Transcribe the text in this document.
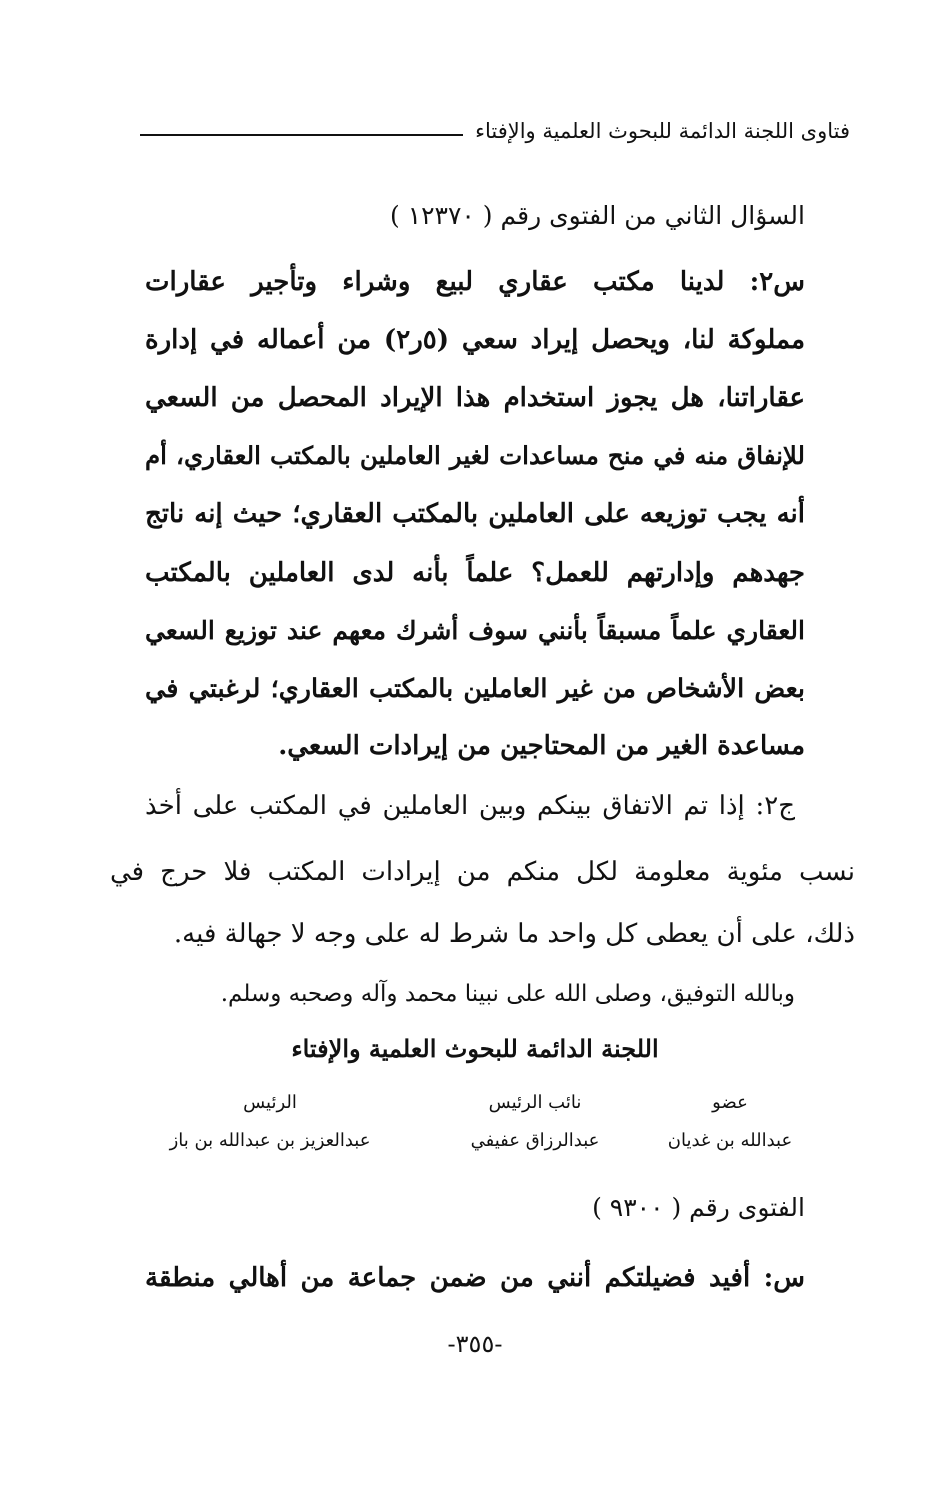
فتاوى اللجنة الدائمة للبحوث العلمية والإفتاء
السؤال الثاني من الفتوى رقم ( ١٢٣٧٠ )
س٢: لدينا مكتب عقاري لبيع وشراء وتأجير عقارات
مملوكة لنا، ويحصل إيراد سعي (٥ر٢) من أعماله في إدارة
عقاراتنا، هل يجوز استخدام هذا الإيراد المحصل من السعي
للإنفاق منه في منح مساعدات لغير العاملين بالمكتب العقاري، أم
أنه يجب توزيعه على العاملين بالمكتب العقاري؛ حيث إنه ناتج
جهدهم وإدارتهم للعمل؟ علماً بأنه لدى العاملين بالمكتب
العقاري علماً مسبقاً بأنني سوف أشرك معهم عند توزيع السعي
بعض الأشخاص من غير العاملين بالمكتب العقاري؛ لرغبتي في
مساعدة الغير من المحتاجين من إيرادات السعي.
ج٢: إذا تم الاتفاق بينكم وبين العاملين في المكتب على أخذ
نسب مئوية معلومة لكل منكم من إيرادات المكتب فلا حرج في
ذلك، على أن يعطى كل واحد ما شرط له على وجه لا جهالة فيه.
وبالله التوفيق، وصلى الله على نبينا محمد وآله وصحبه وسلم.
اللجنة الدائمة للبحوث العلمية والإفتاء
عضو
نائب الرئيس
الرئيس
عبدالله بن غديان
عبدالرزاق عفيفي
عبدالعزيز بن عبدالله بن باز
الفتوى رقم ( ٩٣٠٠ )
س: أفيد فضيلتكم أنني من ضمن جماعة من أهالي منطقة
-٣٥٥-
